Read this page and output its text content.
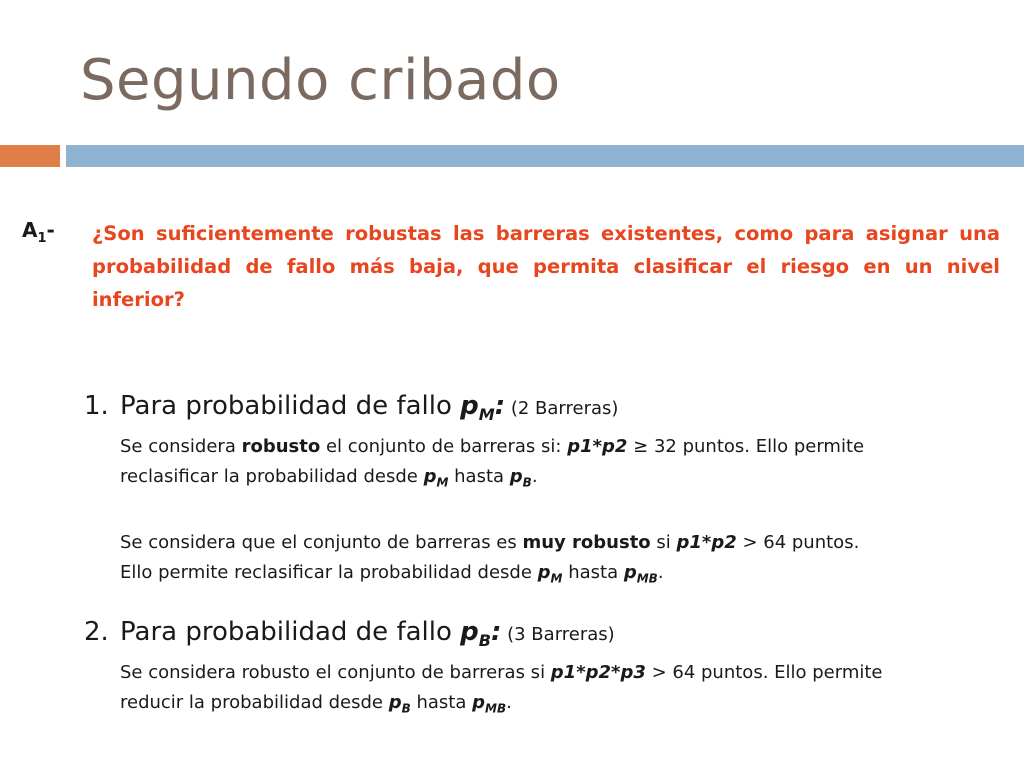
Segundo cribado
$A_1-$ ¿Son suficientemente robustas las barreras existentes, como para asignar una probabilidad de fallo más baja, que permita clasificar el riesgo en un nivel inferior?
1. Para probabilidad de fallo $p_M$: (2 Barreras)
Se considera robusto el conjunto de barreras si: p1*p2 ≥ 32 puntos. Ello permite
reclasificar la probabilidad desde $p_M$ hasta $p_B$.
Se considera que el conjunto de barreras es muy robusto si p1*p2 > 64 puntos.
Ello permite reclasificar la probabilidad desde $p_M$ hasta $p_{MB}$.
2. Para probabilidad de fallo $p_B$: (3 Barreras)
Se considera robusto el conjunto de barreras si p1*p2*p3 > 64 puntos. Ello permite
reducir la probabilidad desde $p_B$ hasta $p_{MB}$.
